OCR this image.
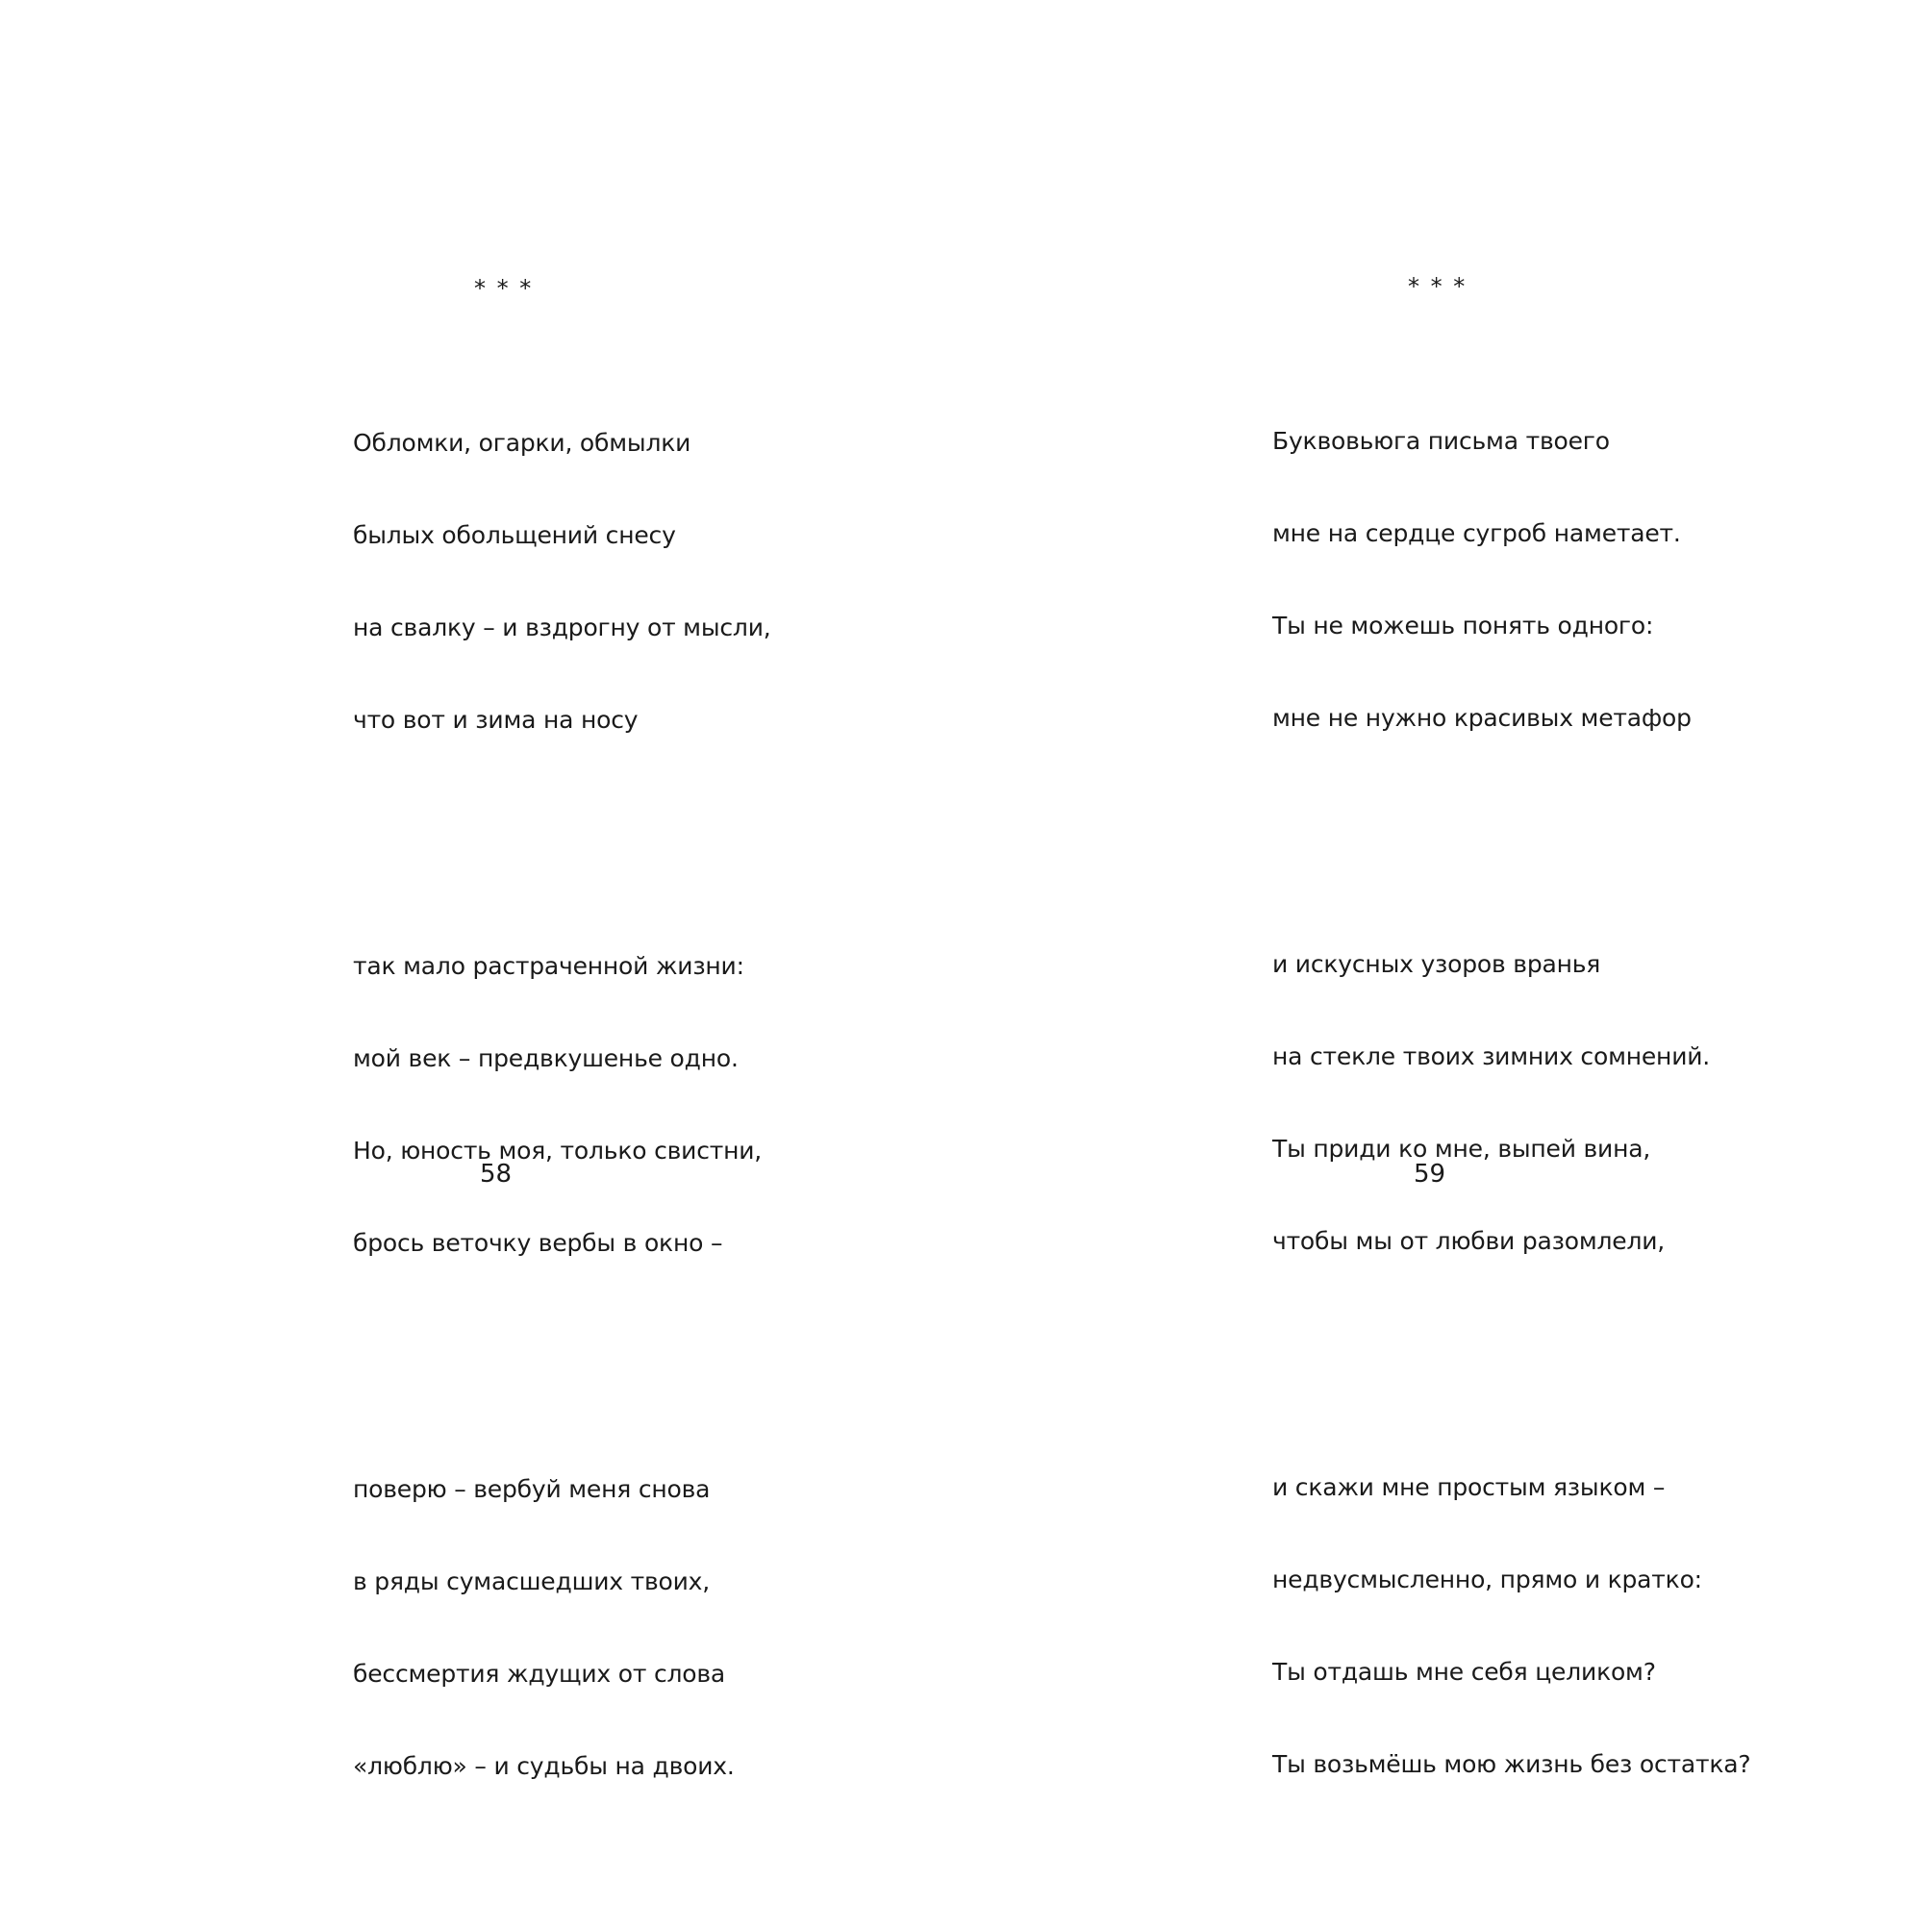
* * *

Обломки, огарки, обмылки

былых обольщений снесу

на свалку – и вздрогну от мысли,

что вот и зима на носу

так мало растраченной жизни:

мой век – предвкушенье одно.

Но, юность моя, только свистни,

брось веточку вербы в окно –

поверю – вербуй меня снова

в ряды сумасшедших твоих,

бессмертия ждущих от слова

«люблю» – и судьбы на двоих.

58
* * *

Буквовьюга письма твоего

мне на сердце сугроб наметает.

Ты не можешь понять одного:

мне не нужно красивых метафор

и искусных узоров вранья

на стекле твоих зимних сомнений.

Ты приди ко мне, выпей вина,

чтобы мы от любви разомлели,

и скажи мне простым языком –

недвусмысленно, прямо и кратко:

Ты отдашь мне себя целиком?

Ты возьмёшь мою жизнь без остатка?

59
